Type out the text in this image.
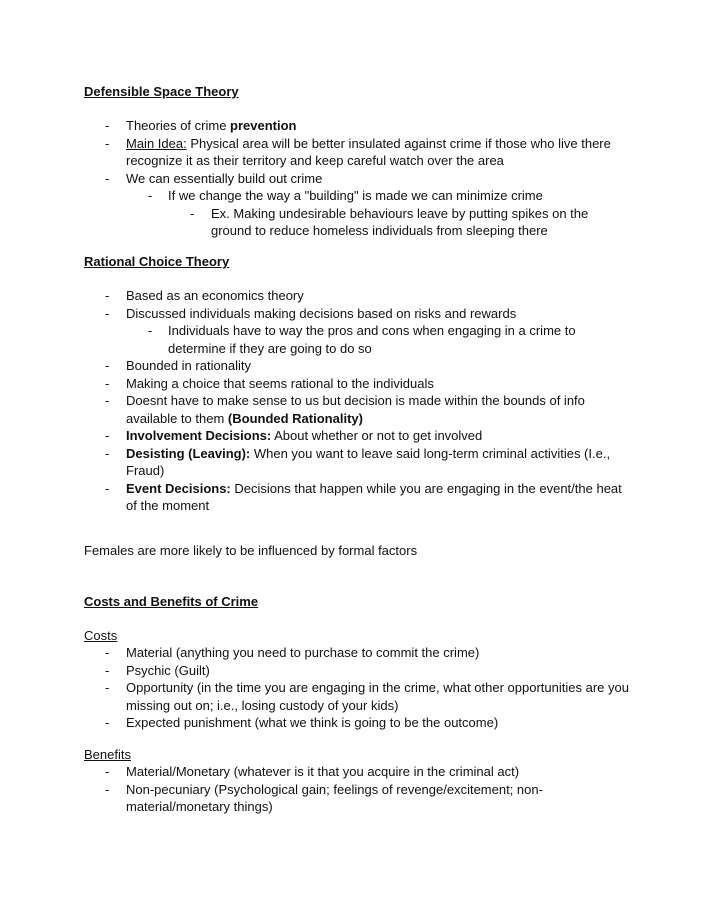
Defensible Space Theory
- Theories of crime prevention
- Main Idea: Physical area will be better insulated against crime if those who live there recognize it as their territory and keep careful watch over the area
- We can essentially build out crime
- If we change the way a "building" is made we can minimize crime
- Ex. Making undesirable behaviours leave by putting spikes on the ground to reduce homeless individuals from sleeping there
Rational Choice Theory
- Based as an economics theory
- Discussed individuals making decisions based on risks and rewards
- Individuals have to way the pros and cons when engaging in a crime to determine if they are going to do so
- Bounded in rationality
- Making a choice that seems rational to the individuals
- Doesnt have to make sense to us but decision is made within the bounds of info available to them (Bounded Rationality)
- Involvement Decisions: About whether or not to get involved
- Desisting (Leaving): When you want to leave said long-term criminal activities (I.e., Fraud)
- Event Decisions: Decisions that happen while you are engaging in the event/the heat of the moment
Females are more likely to be influenced by formal factors
Costs and Benefits of Crime
Costs
- Material (anything you need to purchase to commit the crime)
- Psychic (Guilt)
- Opportunity (in the time you are engaging in the crime, what other opportunities are you missing out on; i.e., losing custody of your kids)
- Expected punishment (what we think is going to be the outcome)
Benefits
- Material/Monetary (whatever is it that you acquire in the criminal act)
- Non-pecuniary (Psychological gain; feelings of revenge/excitement; non-material/monetary things)
